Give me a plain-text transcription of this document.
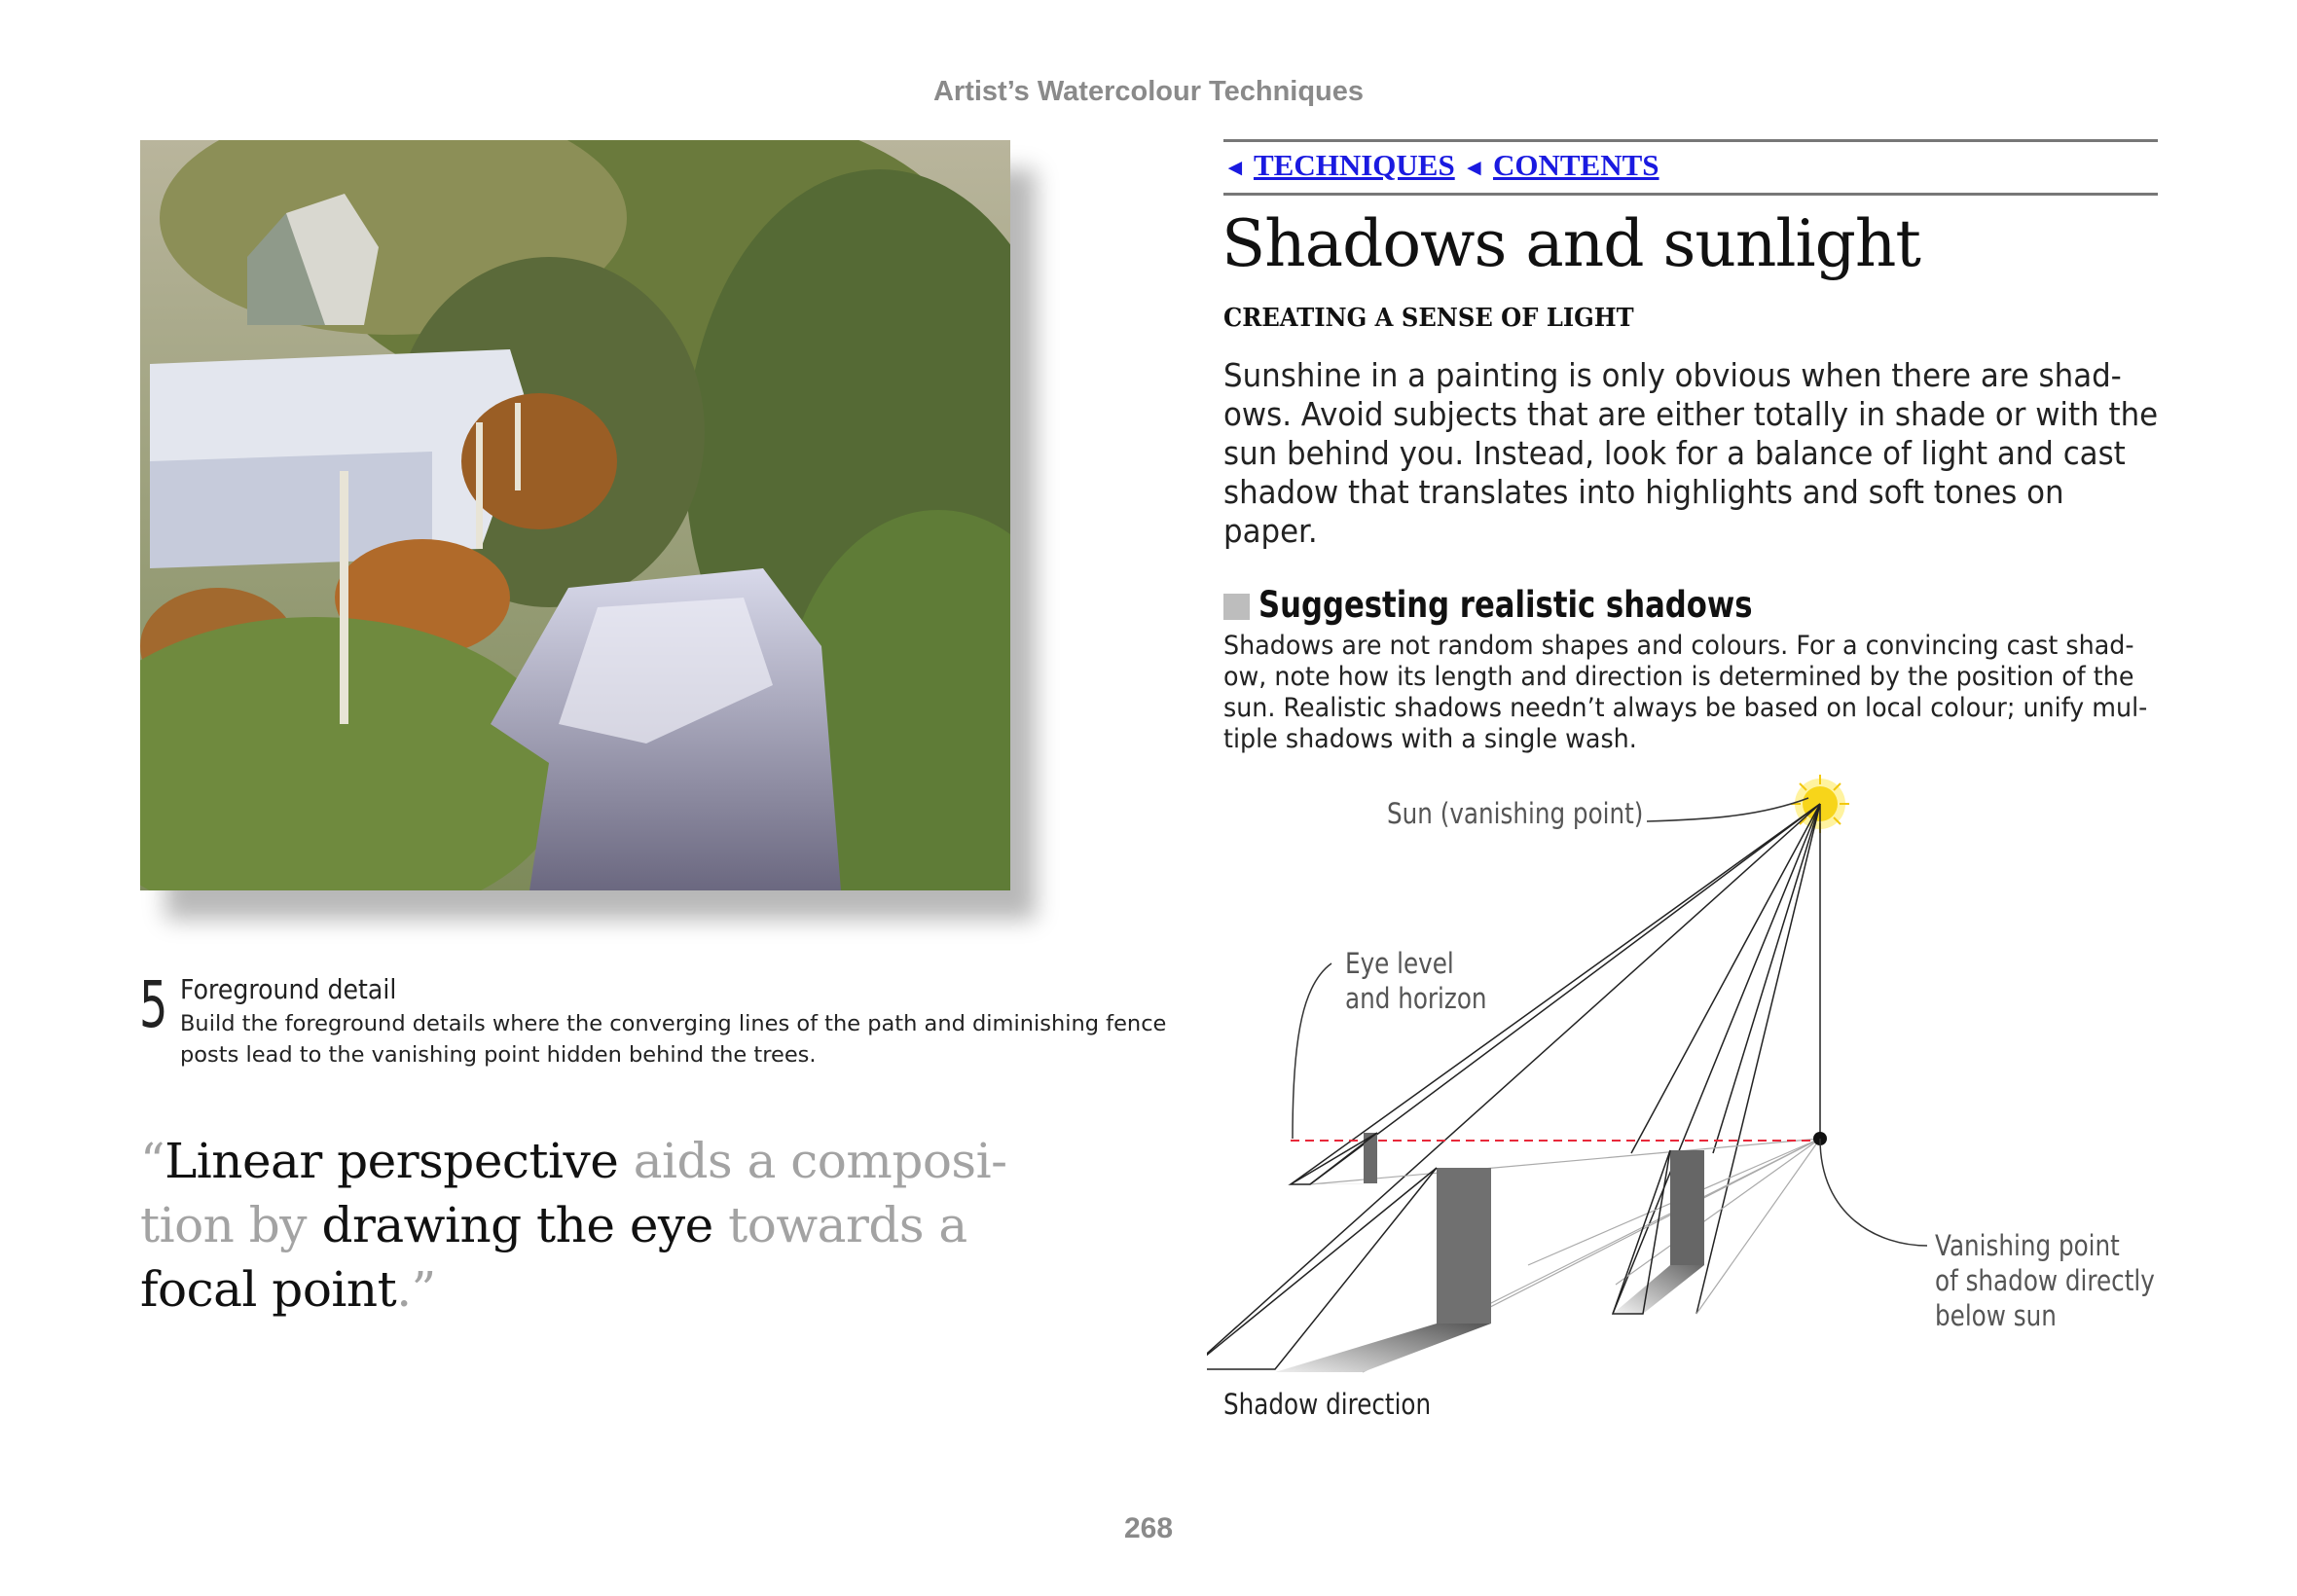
Artist’s Watercolour Techniques
5 Foreground detail
Build the foreground details where the converging lines of the path and diminishing fence posts lead to the vanishing point hidden behind the trees.
“Linear perspective aids a composi-tion by drawing the eye towards a focal point.”
◄ TECHNIQUES ◄ CONTENTS
Shadows and sunlight
CREATING A SENSE OF LIGHT
Sunshine in a painting is only obvious when there are shad-ows. Avoid subjects that are either totally in shade or with the sun behind you. Instead, look for a balance of light and cast shadow that translates into highlights and soft tones on paper.
Suggesting realistic shadows
Shadows are not random shapes and colours. For a convincing cast shad-ow, note how its length and direction is determined by the position of the sun. Realistic shadows needn’t always be based on local colour; unify mul-tiple shadows with a single wash.
Sun (vanishing point)
Eye level
and horizon
Vanishing point
of shadow directly
below sun
Shadow direction
268
